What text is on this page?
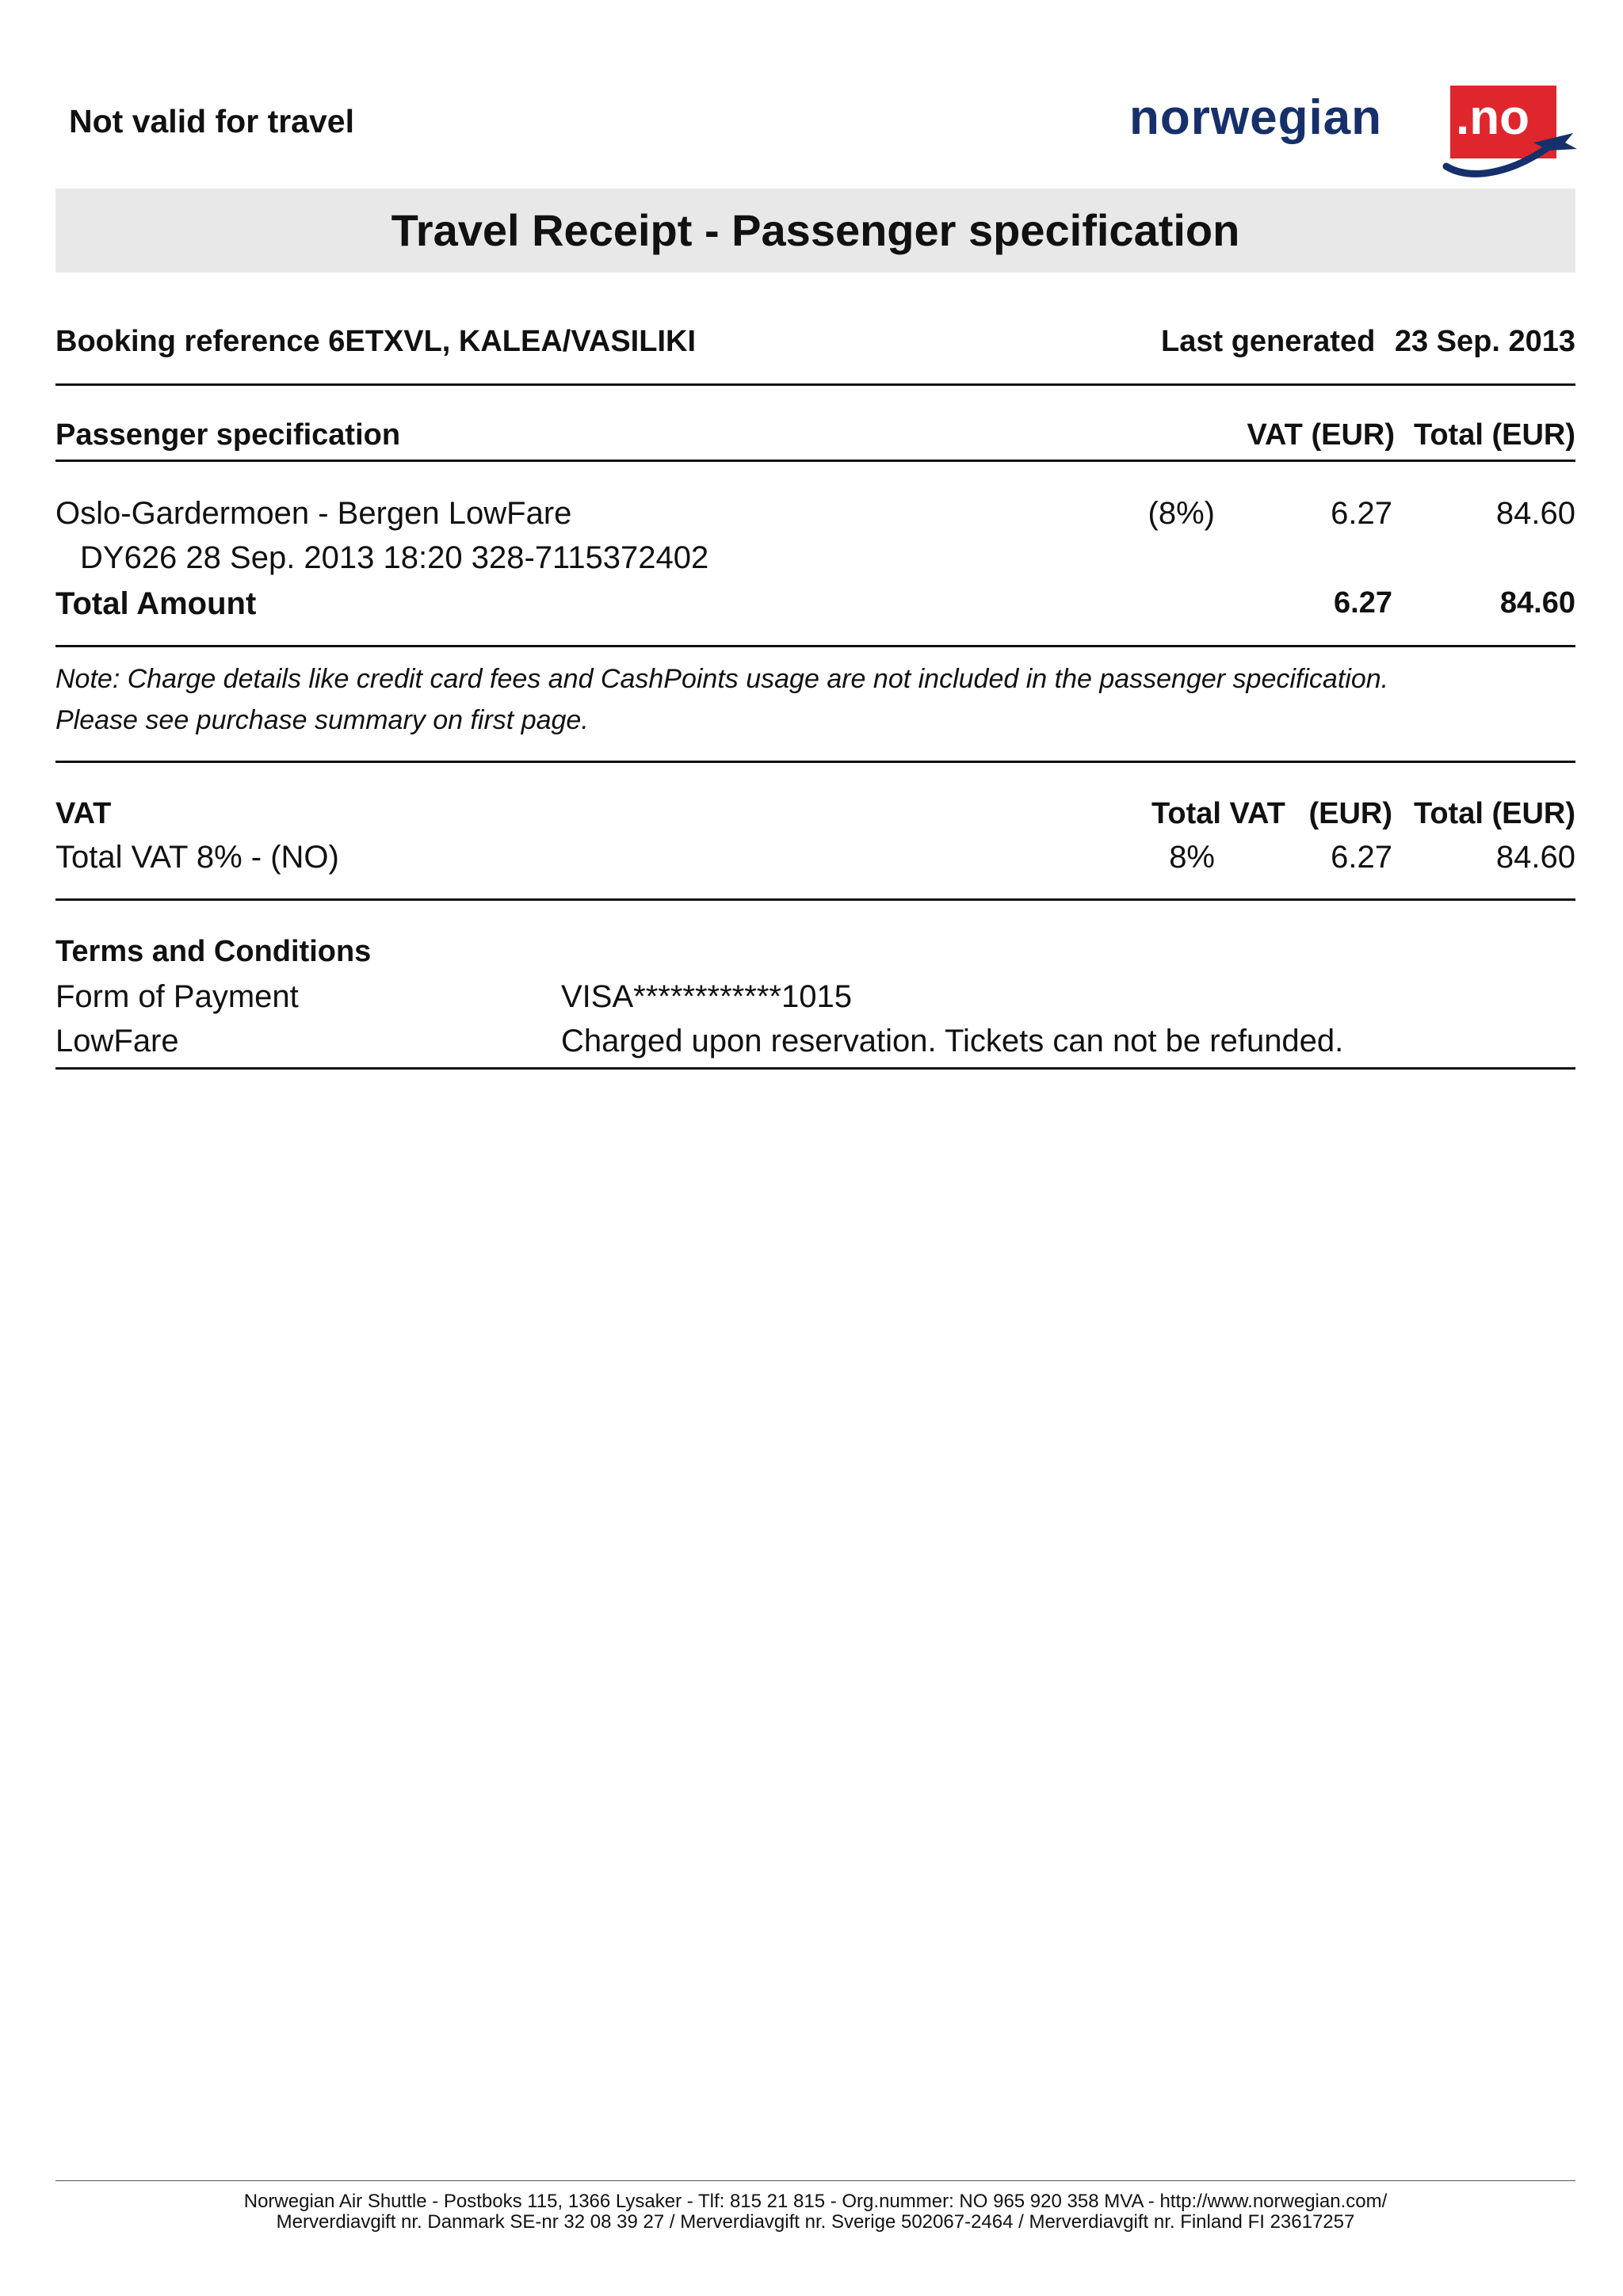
Not valid for travel	norwegian .no
Travel Receipt - Passenger specification
Booking reference 6ETXVL, KALEA/VASILIKI	Last generated 23 Sep. 2013
Passenger specification	VAT (EUR) Total (EUR)
Oslo-Gardermoen - Bergen LowFare	(8%)	6.27	84.60
DY626 28 Sep. 2013 18:20 328-7115372402
Total Amount	6.27	84.60
Note: Charge details like credit card fees and CashPoints usage are not included in the passenger specification.
Please see purchase summary on first page.
VAT	Total VAT (EUR) Total (EUR)
Total VAT 8% - (NO)	8%	6.27	84.60
Terms and Conditions
Form of Payment	VISA************1015
LowFare	Charged upon reservation. Tickets can not be refunded.
Norwegian Air Shuttle - Postboks 115, 1366 Lysaker - Tlf: 815 21 815 - Org.nummer: NO 965 920 358 MVA - http://www.norwegian.com/
Merverdiavgift nr. Danmark SE-nr 32 08 39 27 / Merverdiavgift nr. Sverige 502067-2464 / Merverdiavgift nr. Finland FI 23617257
